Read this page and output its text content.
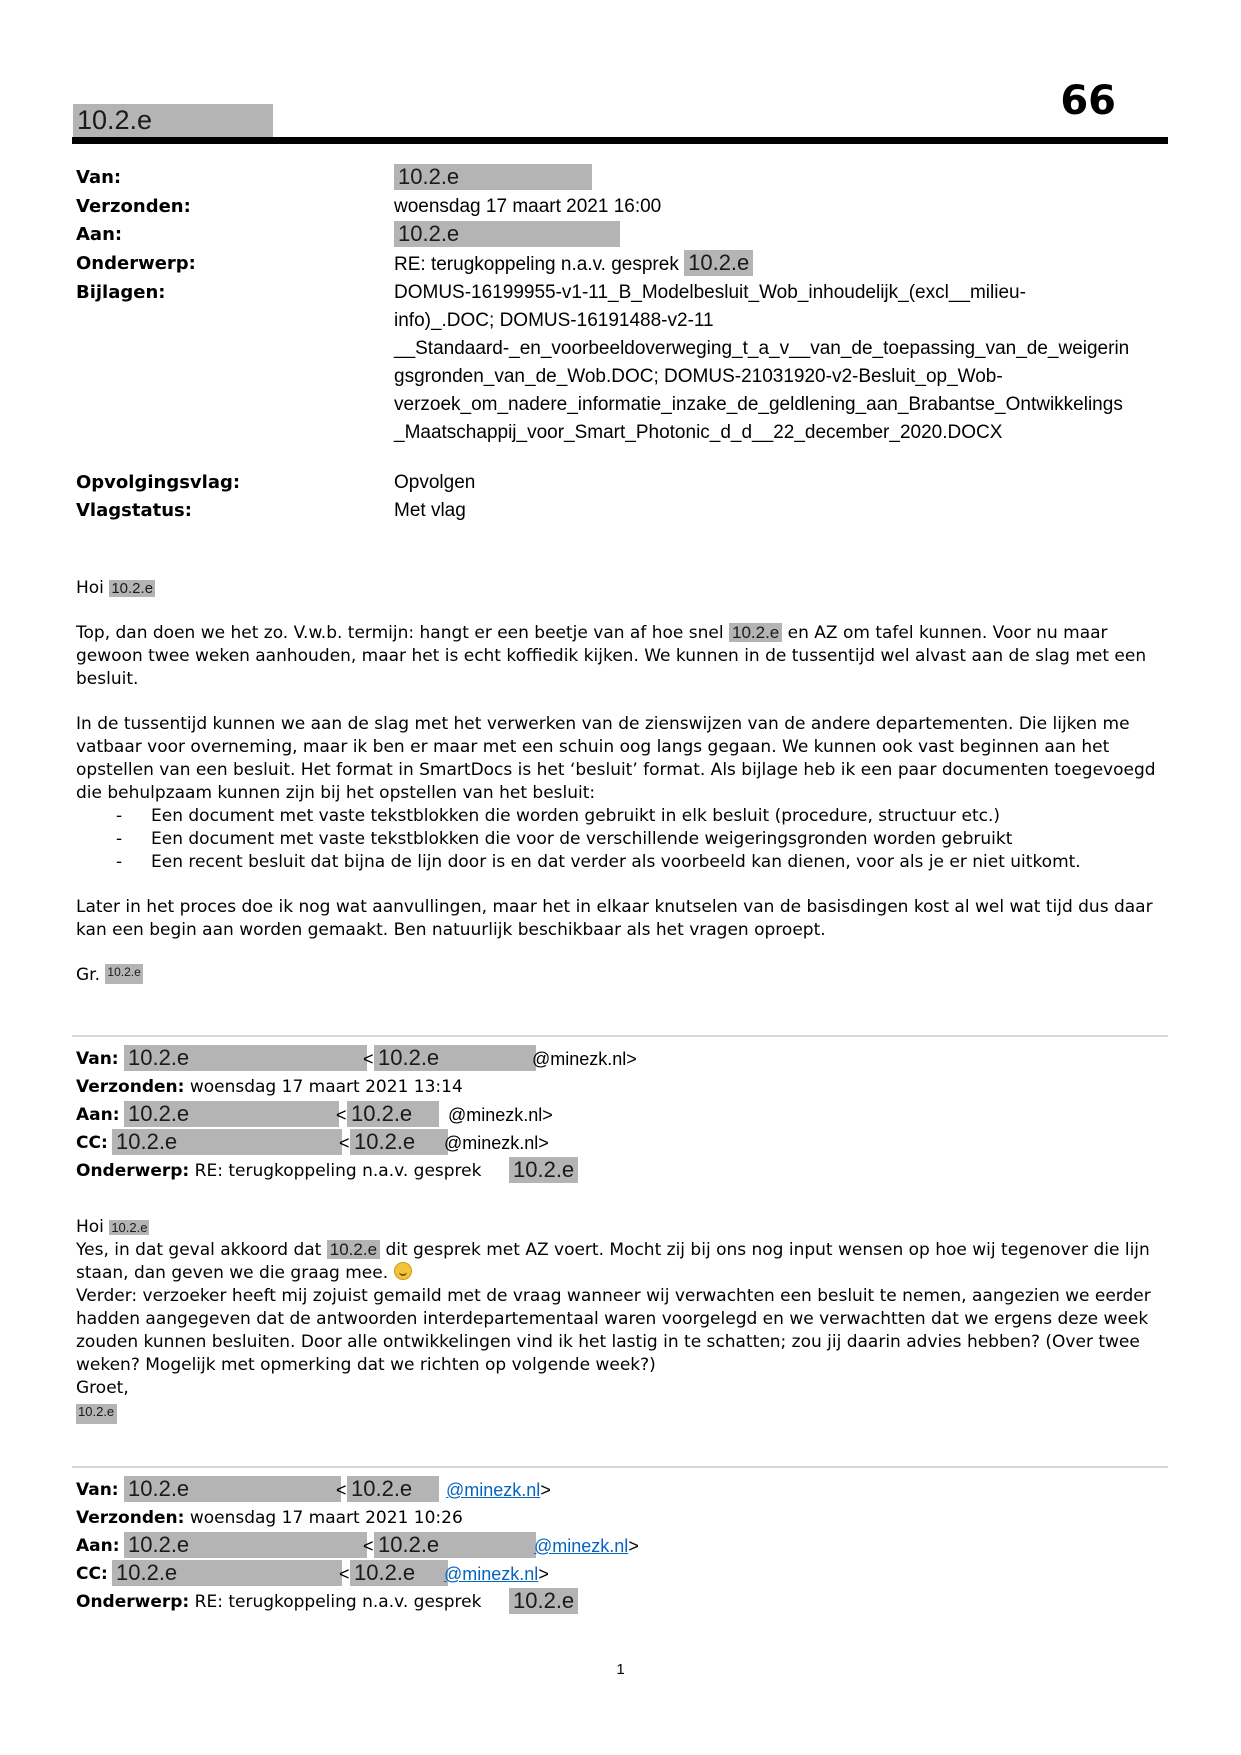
10.2.e	66
Van:	10.2.e
Verzonden:	woensdag 17 maart 2021 16:00
Aan:	10.2.e
Onderwerp:	RE: terugkoppeling n.a.v. gesprek 10.2.e
Bijlagen:	DOMUS-16199955-v1-11_B_Modelbesluit_Wob_inhoudelijk_(excl__milieu-
info)_.DOC; DOMUS-16191488-v2-11
__Standaard-_en_voorbeeldoverweging_t_a_v__van_de_toepassing_van_de_weigerin
gsgronden_van_de_Wob.DOC; DOMUS-21031920-v2-Besluit_op_Wob-
verzoek_om_nadere_informatie_inzake_de_geldlening_aan_Brabantse_Ontwikkelings
_Maatschappij_voor_Smart_Photonic_d_d__22_december_2020.DOCX
Opvolgingsvlag:	Opvolgen
Vlagstatus:	Met vlag

Hoi 10.2.e

Top, dan doen we het zo. V.w.b. termijn: hangt er een beetje van af hoe snel 10.2.e en AZ om tafel kunnen. Voor nu maar gewoon twee weken aanhouden, maar het is echt koffiedik kijken. We kunnen in de tussentijd wel alvast aan de slag met een besluit.

In de tussentijd kunnen we aan de slag met het verwerken van de zienswijzen van de andere departementen. Die lijken me vatbaar voor overneming, maar ik ben er maar met een schuin oog langs gegaan. We kunnen ook vast beginnen aan het opstellen van een besluit. Het format in SmartDocs is het ‘besluit’ format. Als bijlage heb ik een paar documenten toegevoegd die behulpzaam kunnen zijn bij het opstellen van het besluit:

- Een document met vaste tekstblokken die worden gebruikt in elk besluit (procedure, structuur etc.)
- Een document met vaste tekstblokken die voor de verschillende weigeringsgronden worden gebruikt
- Een recent besluit dat bijna de lijn door is en dat verder als voorbeeld kan dienen, voor als je er niet uitkomt.

Later in het proces doe ik nog wat aanvullingen, maar het in elkaar knutselen van de basisdingen kost al wel wat tijd dus daar kan een begin aan worden gemaakt. Ben natuurlijk beschikbaar als het vragen oproept.

Gr. 10.2.e

Van: 10.2.e	< 10.2.e	@minezk.nl>
Verzonden: woensdag 17 maart 2021 13:14
Aan: 10.2.e	< 10.2.e	@minezk.nl>
CC: 10.2.e	< 10.2.e	@minezk.nl>
Onderwerp: RE: terugkoppeling n.a.v. gesprek 10.2.e

Hoi 10.2.e

Yes, in dat geval akkoord dat 10.2.e dit gesprek met AZ voert. Mocht zij bij ons nog input wensen op hoe wij tegenover die lijn staan, dan geven we die graag mee.

Verder: verzoeker heeft mij zojuist gemaild met de vraag wanneer wij verwachten een besluit te nemen, aangezien we eerder hadden aangegeven dat de antwoorden interdepartementaal waren voorgelegd en we verwachtten dat we ergens deze week zouden kunnen besluiten. Door alle ontwikkelingen vind ik het lastig in te schatten; zou jij daarin advies hebben? (Over twee weken? Mogelijk met opmerking dat we richten op volgende week?)

Groet,

10.2.e

Van: 10.2.e	< 10.2.e	@minezk.nl>
Verzonden: woensdag 17 maart 2021 10:26
Aan: 10.2.e	< 10.2.e	@minezk.nl>
CC: 10.2.e	< 10.2.e	@minezk.nl>
Onderwerp: RE: terugkoppeling n.a.v. gesprek 10.2.e
1
